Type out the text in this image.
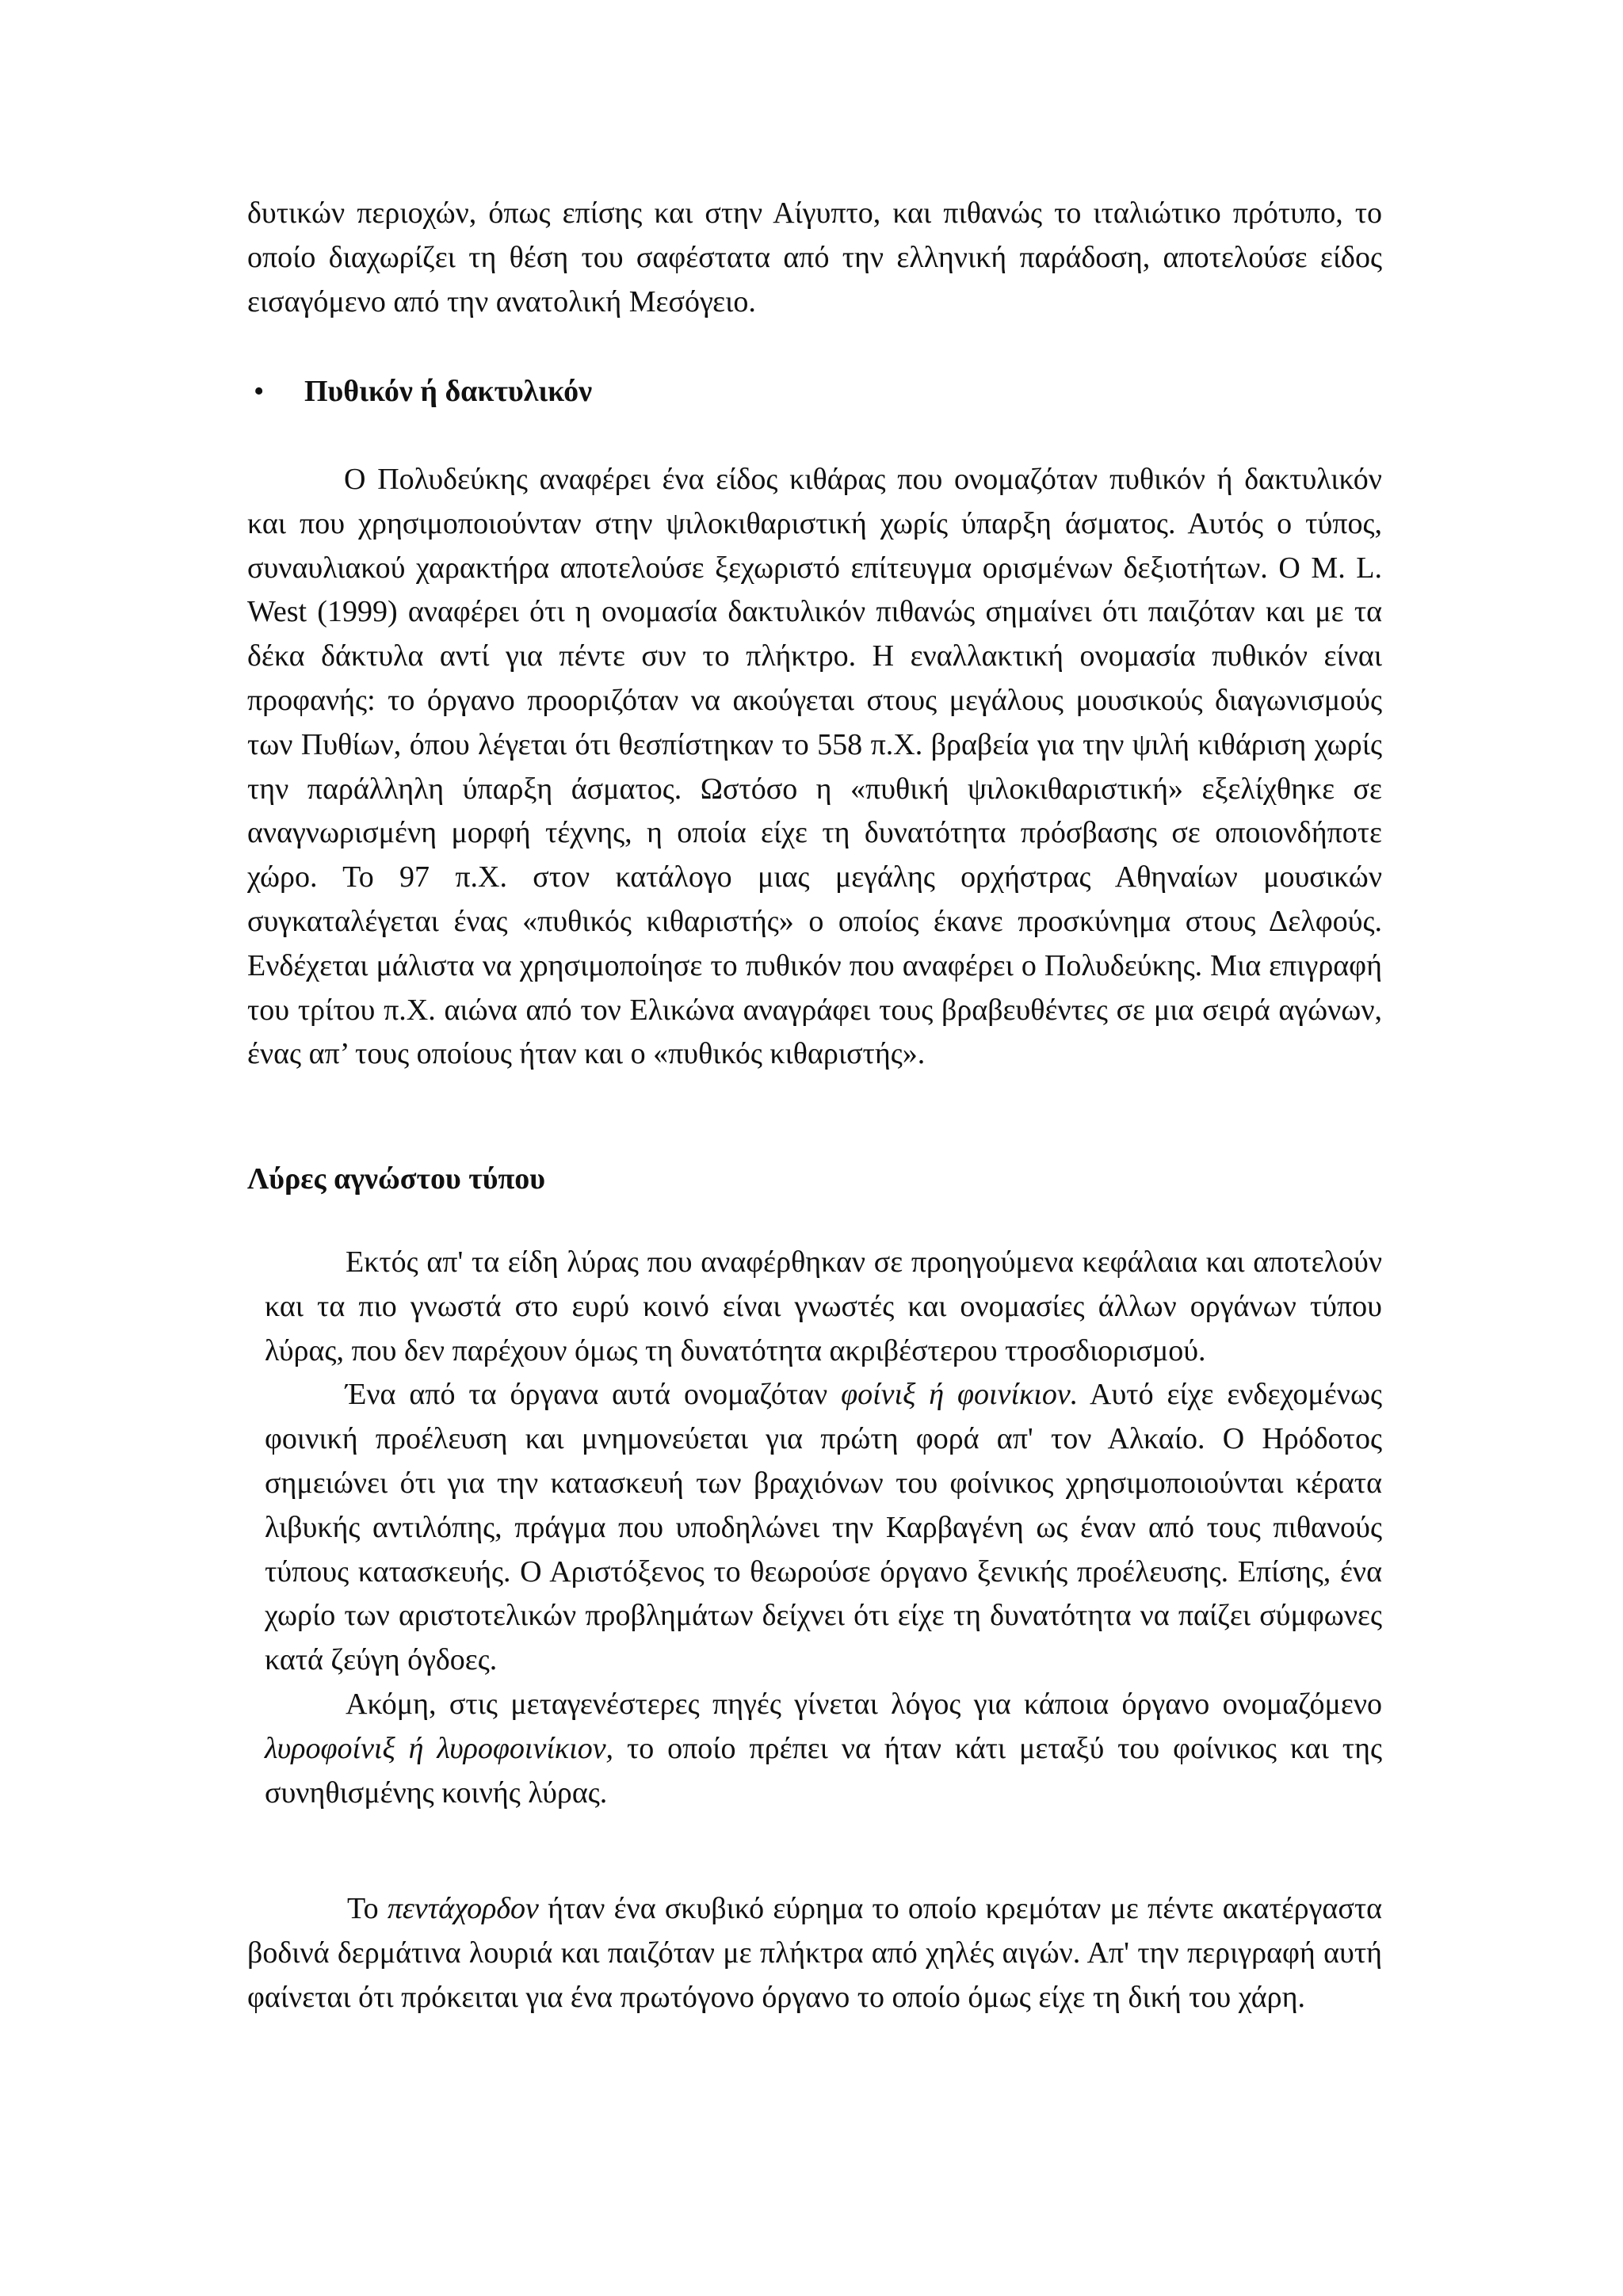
δυτικών περιοχών, όπως επίσης και στην Αίγυπτο, και πιθανώς το ιταλιώτικο πρότυπο, το οποίο διαχωρίζει τη θέση του σαφέστατα από την ελληνική παράδοση, αποτελούσε είδος εισαγόμενο από την ανατολική Μεσόγειο.

• Πυθικόν ή δακτυλικόν

Ο Πολυδεύκης αναφέρει ένα είδος κιθάρας που ονομαζόταν πυθικόν ή δακτυλικόν και που χρησιμοποιούνταν στην ψιλοκιθαριστική χωρίς ύπαρξη άσματος. Αυτός ο τύπος, συναυλιακού χαρακτήρα αποτελούσε ξεχωριστό επίτευγμα ορισμένων δεξιοτήτων. Ο M. L. West (1999) αναφέρει ότι η ονομασία δακτυλικόν πιθανώς σημαίνει ότι παιζόταν και με τα δέκα δάκτυλα αντί για πέντε συν το πλήκτρο. Η εναλλακτική ονομασία πυθικόν είναι προφανής: το όργανο προοριζόταν να ακούγεται στους μεγάλους μουσικούς διαγωνισμούς των Πυθίων, όπου λέγεται ότι θεσπίστηκαν το 558 π.Χ. βραβεία για την ψιλή κιθάριση χωρίς την παράλληλη ύπαρξη άσματος. Ωστόσο η «πυθική ψιλοκιθαριστική» εξελίχθηκε σε αναγνωρισμένη μορφή τέχνης, η οποία είχε τη δυνατότητα πρόσβασης σε οποιονδήποτε χώρο. Το 97 π.Χ. στον κατάλογο μιας μεγάλης ορχήστρας Αθηναίων μουσικών συγκαταλέγεται ένας «πυθικός κιθαριστής» ο οποίος έκανε προσκύνημα στους Δελφούς. Ενδέχεται μάλιστα να χρησιμοποίησε το πυθικόν που αναφέρει ο Πολυδεύκης. Μια επιγραφή του τρίτου π.Χ. αιώνα από τον Ελικώνα αναγράφει τους βραβευθέντες σε μια σειρά αγώνων, ένας απ’ τους οποίους ήταν και ο «πυθικός κιθαριστής».

Λύρες αγνώστου τύπου

Εκτός απ' τα είδη λύρας που αναφέρθηκαν σε προηγούμενα κεφάλαια και αποτελούν και τα πιο γνωστά στο ευρύ κοινό είναι γνωστές και ονομασίες άλλων οργάνων τύπου λύρας, που δεν παρέχουν όμως τη δυνατότητα ακριβέστερου ττροσδιορισμού.

Ένα από τα όργανα αυτά ονομαζόταν φοίνιξ ή φοινίκιον. Αυτό είχε ενδεχομένως φοινική προέλευση και μνημονεύεται για πρώτη φορά απ' τον Αλκαίο. Ο Ηρόδοτος σημειώνει ότι για την κατασκευή των βραχιόνων του φοίνικος χρησιμοποιούνται κέρατα λιβυκής αντιλόπης, πράγμα που υποδηλώνει την Καρβαγένη ως έναν από τους πιθανούς τύπους κατασκευής. Ο Αριστόξενος το θεωρούσε όργανο ξενικής προέλευσης. Επίσης, ένα χωρίο των αριστοτελικών προβλημάτων δείχνει ότι είχε τη δυνατότητα να παίζει σύμφωνες κατά ζεύγη όγδοες.

Ακόμη, στις μεταγενέστερες πηγές γίνεται λόγος για κάποια όργανο ονομαζόμενο λυροφοίνιξ ή λυροφοινίκιον, το οποίο πρέπει να ήταν κάτι μεταξύ του φοίνικος και της συνηθισμένης κοινής λύρας.

Το πεντάχορδον ήταν ένα σκυβικό εύρημα το οποίο κρεμόταν με πέντε ακατέργαστα βοδινά δερμάτινα λουριά και παιζόταν με πλήκτρα από χηλές αιγών. Απ' την περιγραφή αυτή φαίνεται ότι πρόκειται για ένα πρωτόγονο όργανο το οποίο όμως είχε τη δική του χάρη.
